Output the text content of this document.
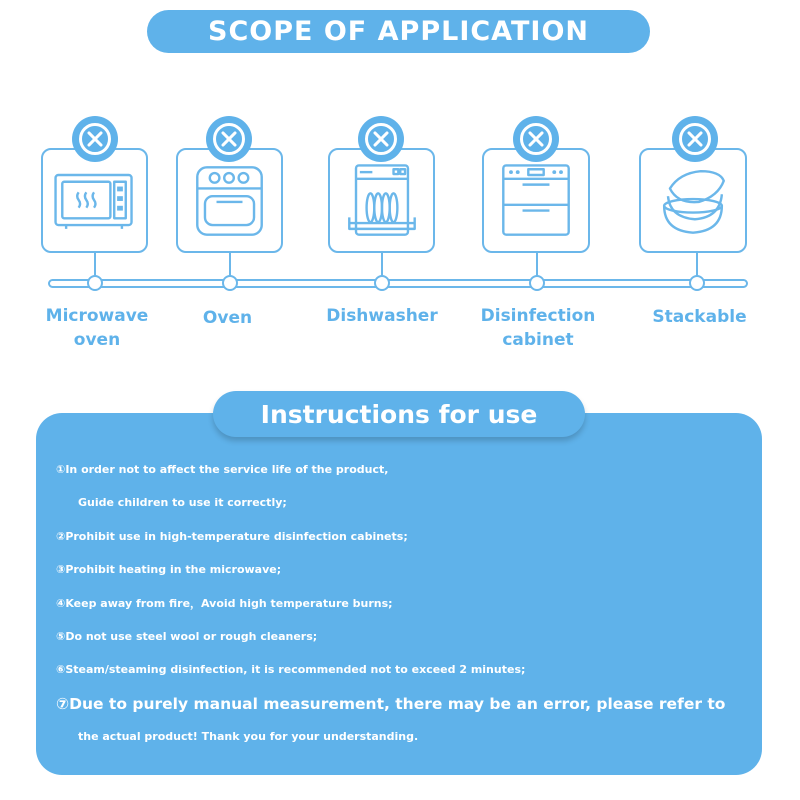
SCOPE OF APPLICATION
Microwave
oven
Oven	Dishwasher	Disinfection
cabinet
Stackable
Instructions for use
①In order not to affect the service life of the product,
Guide children to use it correctly;
②Prohibit use in high-temperature disinfection cabinets;
③Prohibit heating in the microwave;
④Keep away from fire，Avoid high temperature burns;
⑤Do not use steel wool or rough cleaners;
⑥Steam/steaming disinfection, it is recommended not to exceed 2 minutes;
⑦Due to purely manual measurement, there may be an error, please refer to
the actual product! Thank you for your understanding.
